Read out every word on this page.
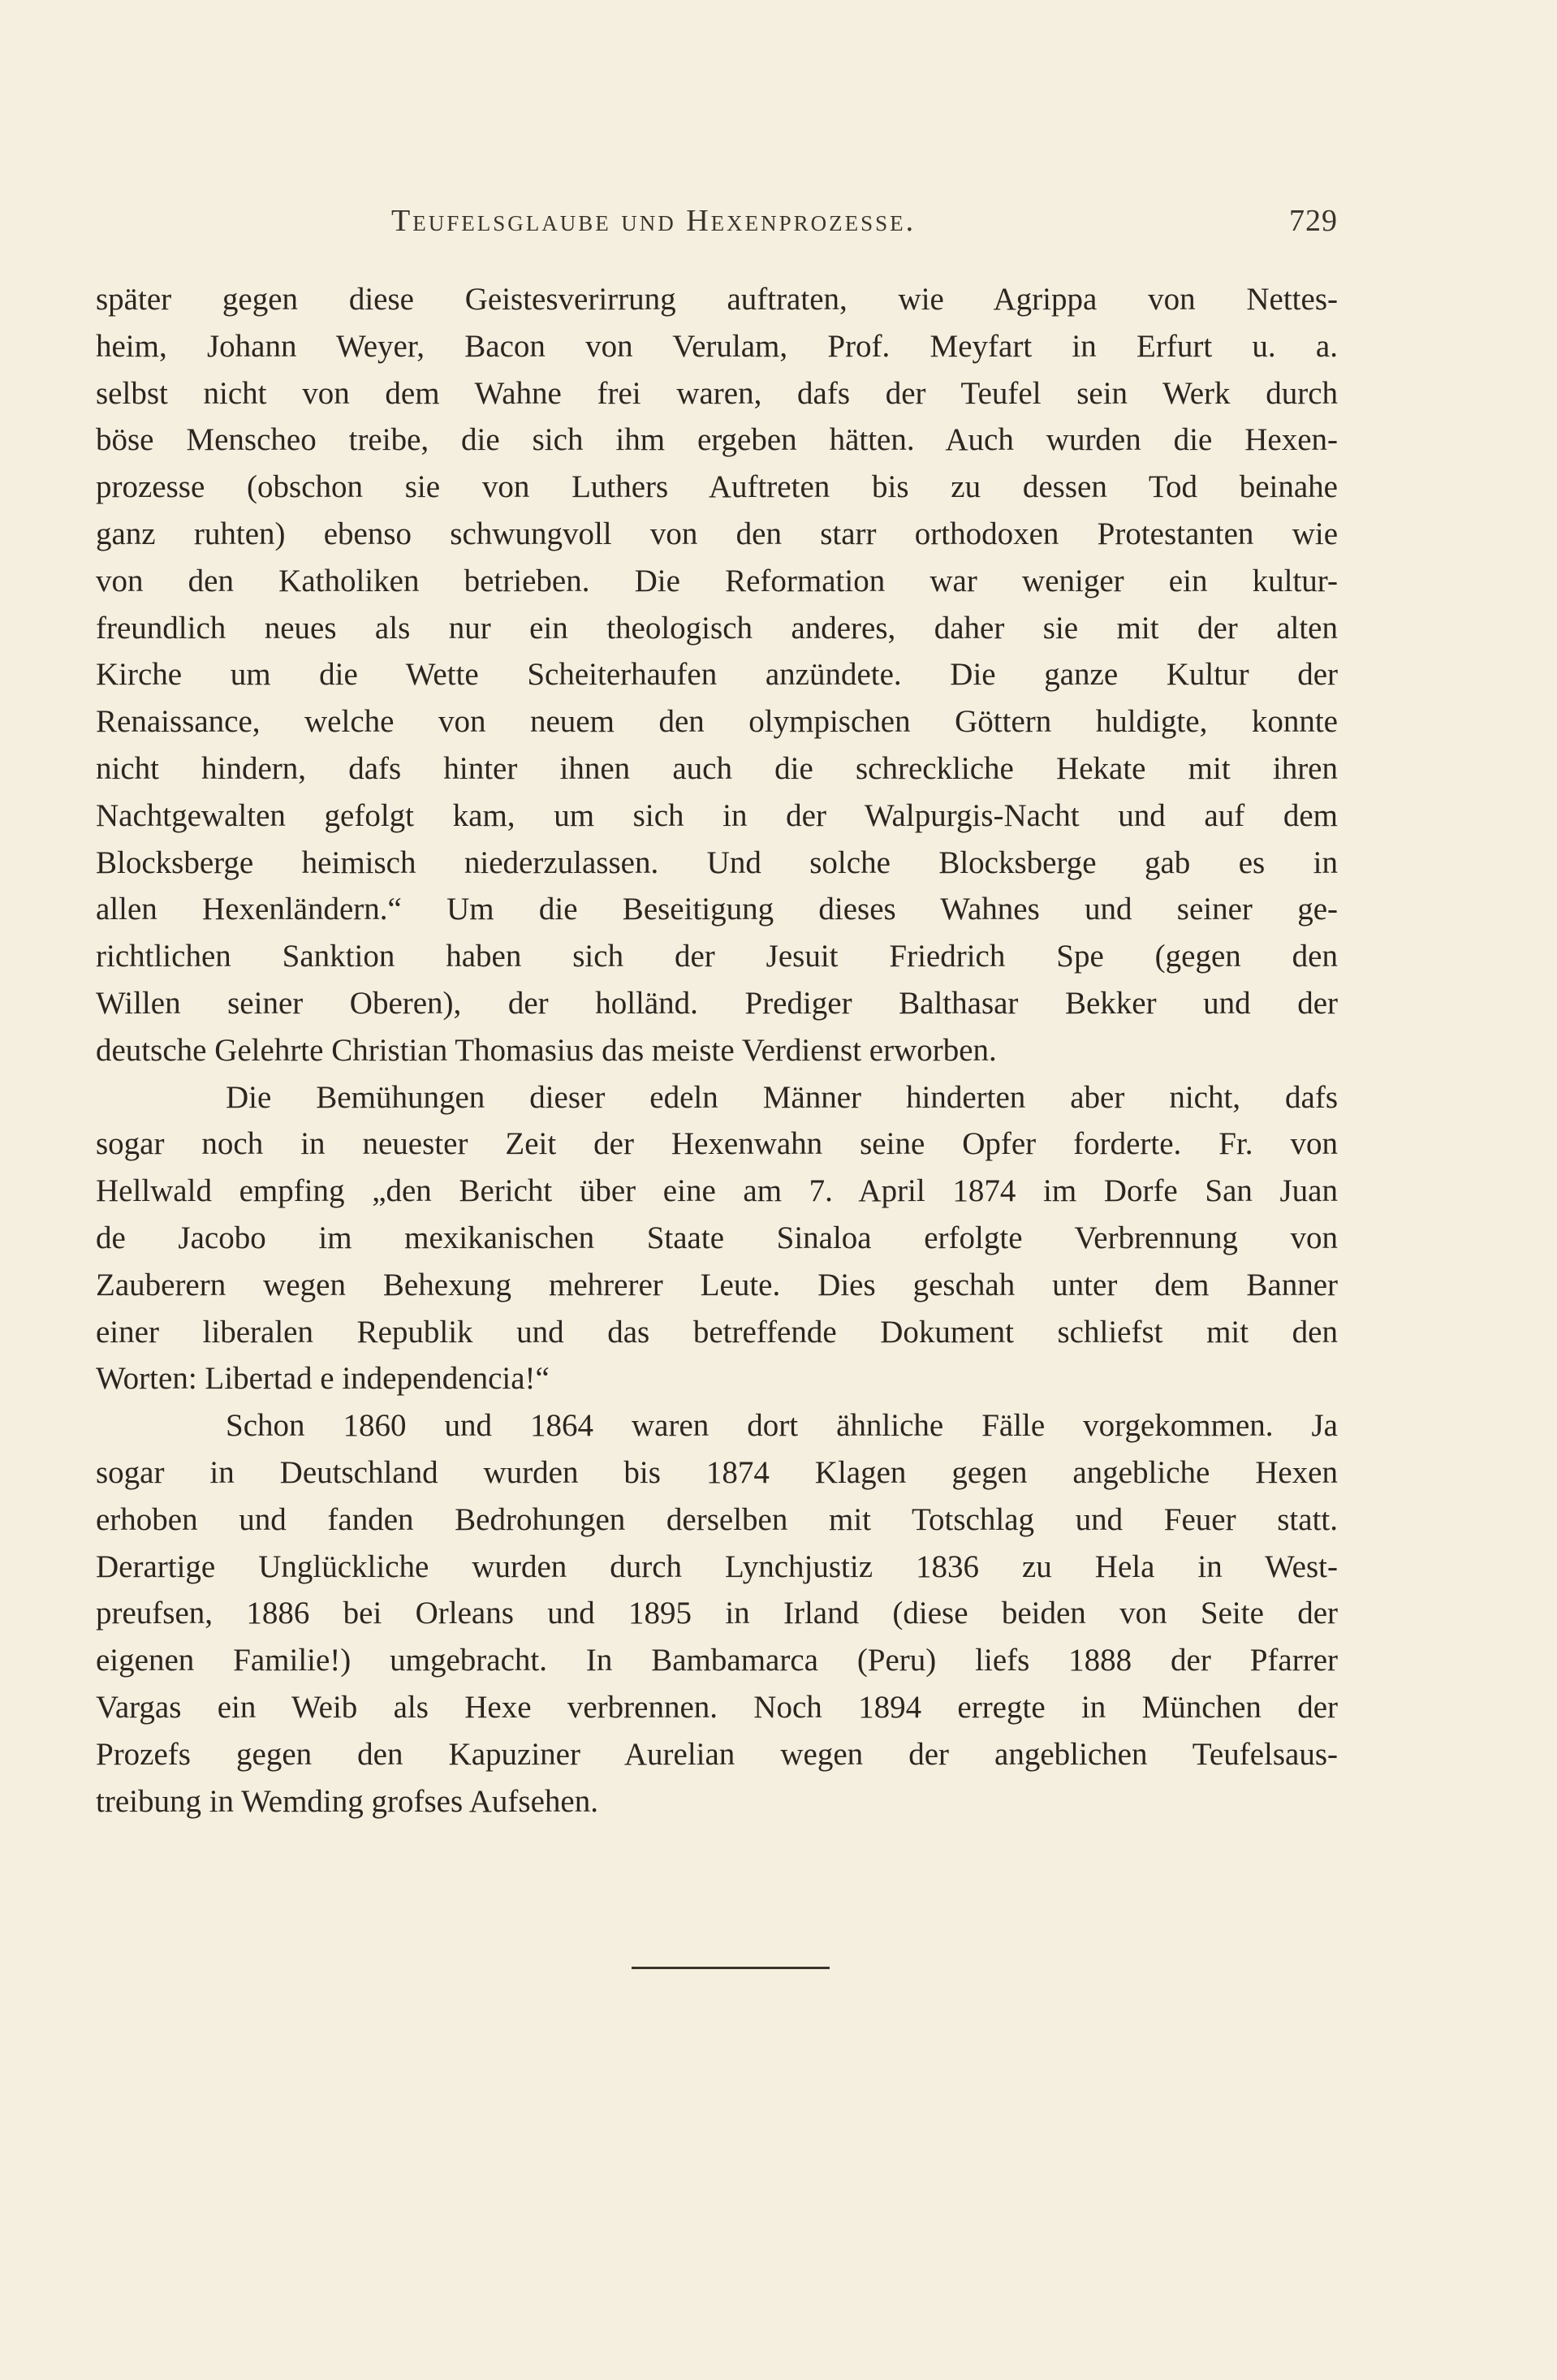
Teufelsglaube und Hexenprozesse.	729
später gegen diese Geistesverirrung auftraten, wie Agrippa von Nettes-
heim, Johann Weyer, Bacon von Verulam, Prof. Meyfart in Erfurt u. a.
selbst nicht von dem Wahne frei waren, dafs der Teufel sein Werk durch
böse Menscheo treibe, die sich ihm ergeben hätten. Auch wurden die Hexen-
prozesse (obschon sie von Luthers Auftreten bis zu dessen Tod beinahe
ganz ruhten) ebenso schwungvoll von den starr orthodoxen Protestanten wie
von den Katholiken betrieben. Die Reformation war weniger ein kultur-
freundlich neues als nur ein theologisch anderes, daher sie mit der alten
Kirche um die Wette Scheiterhaufen anzündete. Die ganze Kultur der
Renaissance, welche von neuem den olympischen Göttern huldigte, konnte
nicht hindern, dafs hinter ihnen auch die schreckliche Hekate mit ihren
Nachtgewalten gefolgt kam, um sich in der Walpurgis-Nacht und auf dem
Blocksberge heimisch niederzulassen. Und solche Blocksberge gab es in
allen Hexenländern.“ Um die Beseitigung dieses Wahnes und seiner ge-
richtlichen Sanktion haben sich der Jesuit Friedrich Spe (gegen den
Willen seiner Oberen), der holländ. Prediger Balthasar Bekker und der
deutsche Gelehrte Christian Thomasius das meiste Verdienst erworben.
Die Bemühungen dieser edeln Männer hinderten aber nicht, dafs
sogar noch in neuester Zeit der Hexenwahn seine Opfer forderte. Fr. von
Hellwald empfing „den Bericht über eine am 7. April 1874 im Dorfe San Juan
de Jacobo im mexikanischen Staate Sinaloa erfolgte Verbrennung von
Zauberern wegen Behexung mehrerer Leute. Dies geschah unter dem Banner
einer liberalen Republik und das betreffende Dokument schliefst mit den
Worten: Libertad e independencia!“
Schon 1860 und 1864 waren dort ähnliche Fälle vorgekommen. Ja
sogar in Deutschland wurden bis 1874 Klagen gegen angebliche Hexen
erhoben und fanden Bedrohungen derselben mit Totschlag und Feuer statt.
Derartige Unglückliche wurden durch Lynchjustiz 1836 zu Hela in West-
preufsen, 1886 bei Orleans und 1895 in Irland (diese beiden von Seite der
eigenen Familie!) umgebracht. In Bambamarca (Peru) liefs 1888 der Pfarrer
Vargas ein Weib als Hexe verbrennen. Noch 1894 erregte in München der
Prozefs gegen den Kapuziner Aurelian wegen der angeblichen Teufelsaus-
treibung in Wemding grofses Aufsehen.
